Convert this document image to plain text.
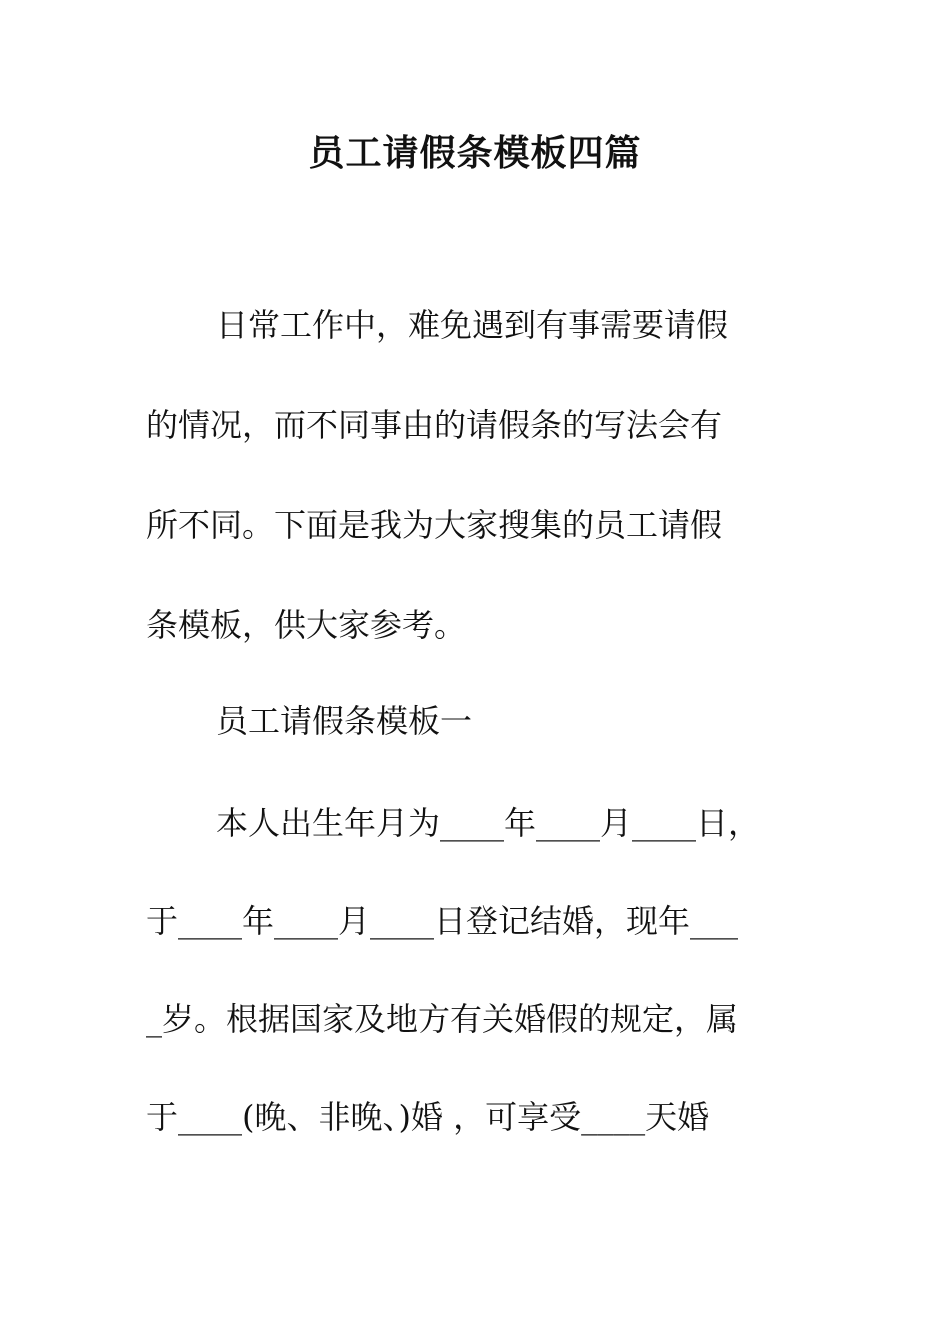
员工请假条模板四篇
日常工作中，难免遇到有事需要请假
的情况，而不同事由的请假条的写法会有
所不同。下面是我为大家搜集的员工请假
条模板，供大家参考。
员工请假条模板一
本人出生年月为____年____月____日，
于____年____月____日登记结婚，现年___
_岁。根据国家及地方有关婚假的规定，属
于____(晚、非晚、)婚 ，可享受____天婚
